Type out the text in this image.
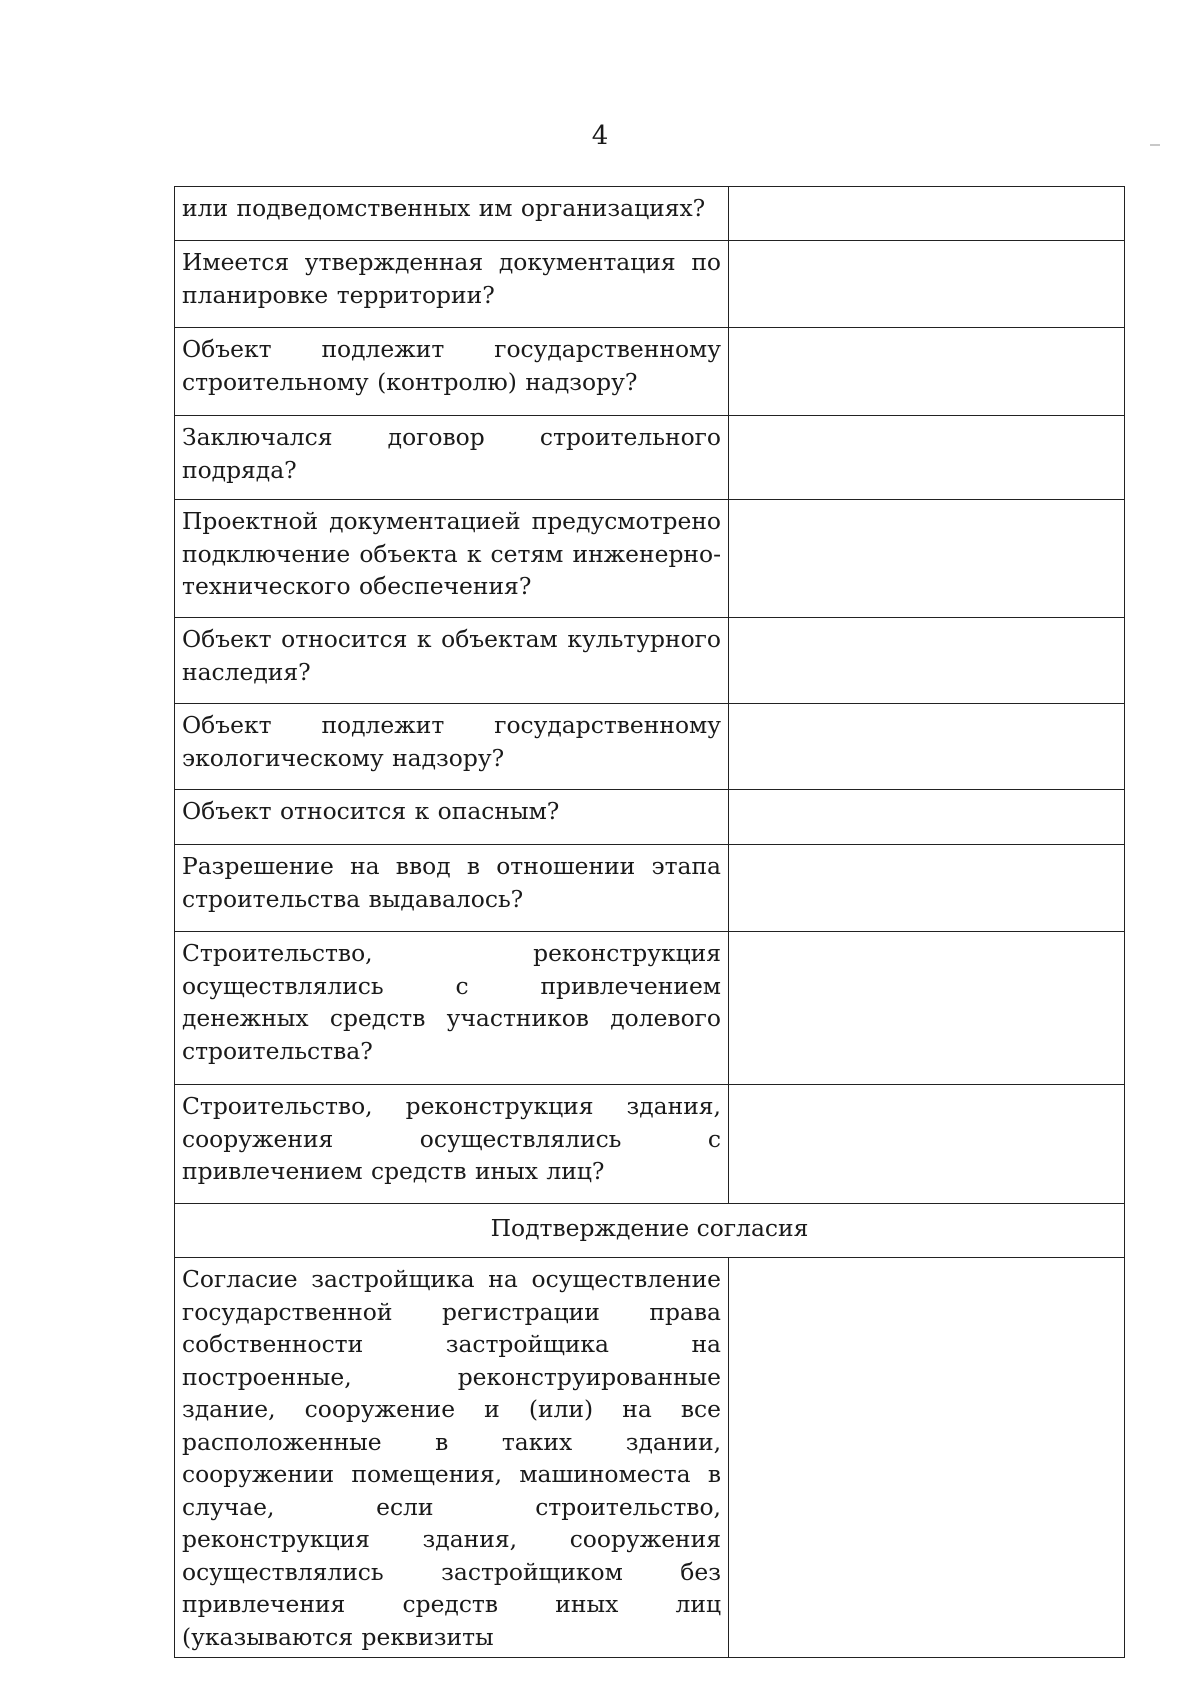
4
или подведомственных им организациях?	
Имеется утвержденная документация по планировке территории?	
Объект подлежит государственному строительному (контролю) надзору?	
Заключался договор строительного подряда?	
Проектной документацией предусмотрено подключение объекта к сетям инженерно-технического обеспечения?	
Объект относится к объектам культурного наследия?	
Объект подлежит государственному экологическому надзору?	
Объект относится к опасным?	
Разрешение на ввод в отношении этапа строительства выдавалось?	
Строительство, реконструкция осуществлялись с привлечением денежных средств участников долевого строительства?	
Строительство, реконструкция здания, сооружения осуществлялись с привлечением средств иных лиц?	
Подтверждение согласия	
Согласие застройщика на осуществление государственной регистрации права собственности застройщика на построенные, реконструированные здание, сооружение и (или) на все расположенные в таких здании, сооружении помещения, машиноместа в случае, если строительство, реконструкция здания, сооружения осуществлялись застройщиком без привлечения средств иных лиц (указываются реквизиты	
